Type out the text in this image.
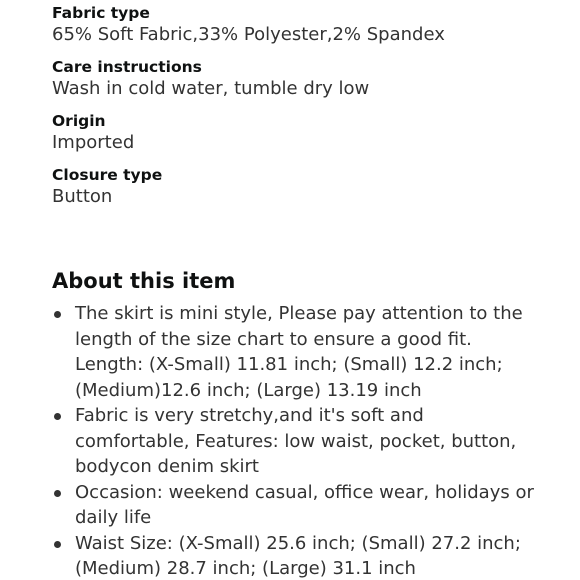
Fabric type
65% Soft Fabric,33% Polyester,2% Spandex
Care instructions
Wash in cold water, tumble dry low
Origin
Imported
Closure type
Button
About this item
The skirt is mini style, Please pay attention to the
length of the size chart to ensure a good fit.
Length: (X-Small) 11.81 inch; (Small) 12.2 inch;
(Medium)12.6 inch; (Large) 13.19 inch
Fabric is very stretchy,and it's soft and
comfortable, Features: low waist, pocket, button,
bodycon denim skirt
Occasion: weekend casual, office wear, holidays or
daily life
Waist Size: (X-Small) 25.6 inch; (Small) 27.2 inch;
(Medium) 28.7 inch; (Large) 31.1 inch
